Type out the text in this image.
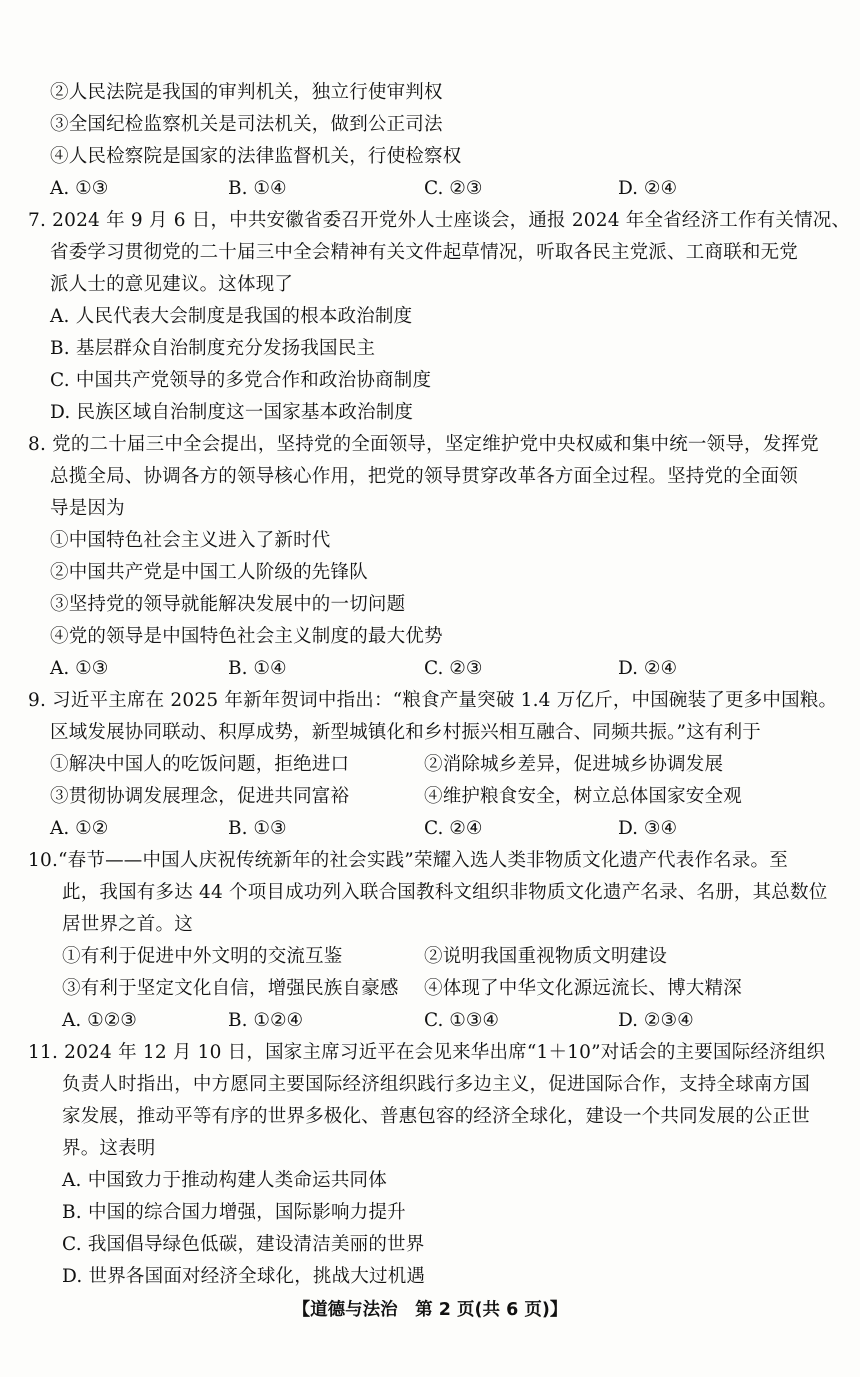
②人民法院是我国的审判机关，独立行使审判权
③全国纪检监察机关是司法机关，做到公正司法
④人民检察院是国家的法律监督机关，行使检察权
A. ①③	B. ①④	C. ②③	D. ②④
7. 2024 年 9 月 6 日，中共安徽省委召开党外人士座谈会，通报 2024 年全省经济工作有关情况、
省委学习贯彻党的二十届三中全会精神有关文件起草情况，听取各民主党派、工商联和无党
派人士的意见建议。这体现了
A. 人民代表大会制度是我国的根本政治制度
B. 基层群众自治制度充分发扬我国民主
C. 中国共产党领导的多党合作和政治协商制度
D. 民族区域自治制度这一国家基本政治制度
8. 党的二十届三中全会提出，坚持党的全面领导，坚定维护党中央权威和集中统一领导，发挥党
总揽全局、协调各方的领导核心作用，把党的领导贯穿改革各方面全过程。坚持党的全面领
导是因为
①中国特色社会主义进入了新时代
②中国共产党是中国工人阶级的先锋队
③坚持党的领导就能解决发展中的一切问题
④党的领导是中国特色社会主义制度的最大优势
A. ①③	B. ①④	C. ②③	D. ②④
9. 习近平主席在 2025 年新年贺词中指出：“粮食产量突破 1.4 万亿斤，中国碗装了更多中国粮。
区域发展协同联动、积厚成势，新型城镇化和乡村振兴相互融合、同频共振。”这有利于
①解决中国人的吃饭问题，拒绝进口	②消除城乡差异，促进城乡协调发展
③贯彻协调发展理念，促进共同富裕	④维护粮食安全，树立总体国家安全观
A. ①②	B. ①③	C. ②④	D. ③④
10.“春节——中国人庆祝传统新年的社会实践”荣耀入选人类非物质文化遗产代表作名录。至
此，我国有多达 44 个项目成功列入联合国教科文组织非物质文化遗产名录、名册，其总数位
居世界之首。这
①有利于促进中外文明的交流互鉴	②说明我国重视物质文明建设
③有利于坚定文化自信，增强民族自豪感 ④体现了中华文化源远流长、博大精深
A. ①②③	B. ①②④	C. ①③④	D. ②③④
11. 2024 年 12 月 10 日，国家主席习近平在会见来华出席“1＋10”对话会的主要国际经济组织
负责人时指出，中方愿同主要国际经济组织践行多边主义，促进国际合作，支持全球南方国
家发展，推动平等有序的世界多极化、普惠包容的经济全球化，建设一个共同发展的公正世
界。这表明
A. 中国致力于推动构建人类命运共同体
B. 中国的综合国力增强，国际影响力提升
C. 我国倡导绿色低碳，建设清洁美丽的世界
D. 世界各国面对经济全球化，挑战大过机遇
【道德与法治　第 2 页(共 6 页)】
